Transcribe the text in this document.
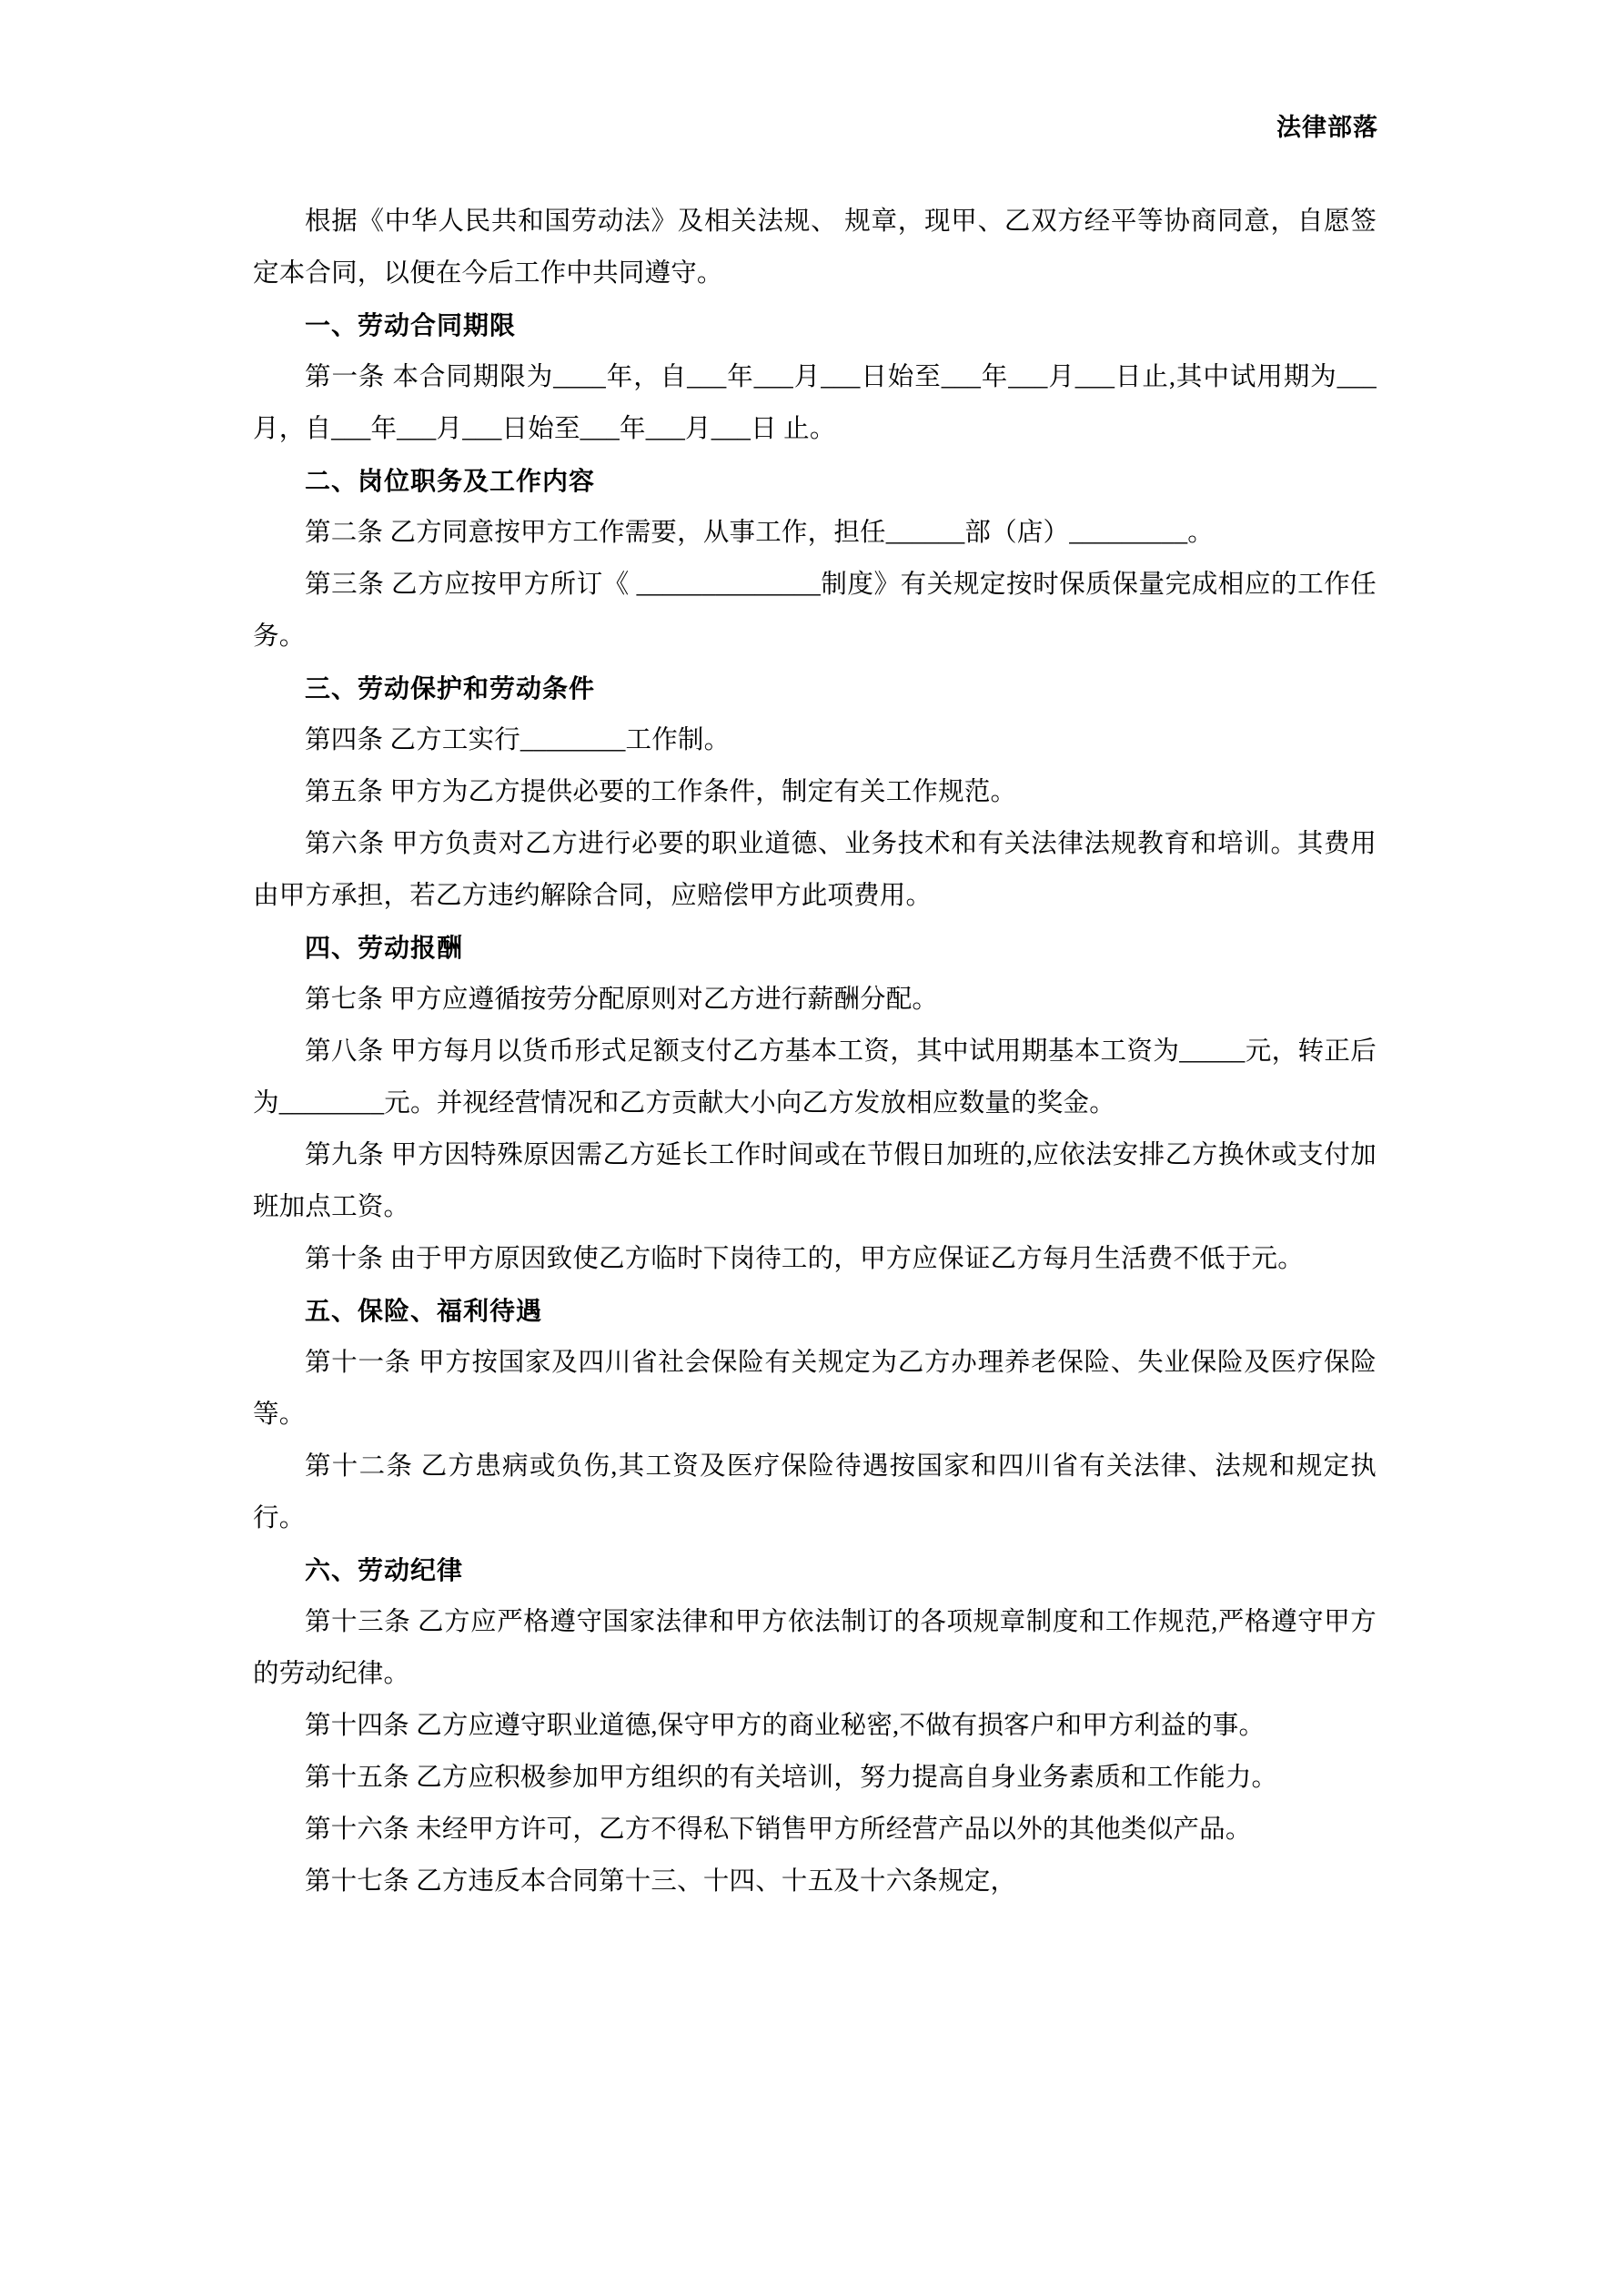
法律部落

根据《中华人民共和国劳动法》及相关法规、 规章，现甲、乙双方经平等协商同意，自愿签定本合同，以便在今后工作中共同遵守。

一、劳动合同期限

第一条 本合同期限为____年，自___年___月___日始至___年___月___日止,其中试用期为___月，自___年___月___日始至___年___月___日 止。

二、岗位职务及工作内容

第二条 乙方同意按甲方工作需要，从事工作，担任______部（店）_________。

第三条 乙方应按甲方所订《 ______________制度》有关规定按时保质保量完成相应的工作任务。

三、劳动保护和劳动条件

第四条 乙方工实行________工作制。

第五条 甲方为乙方提供必要的工作条件，制定有关工作规范。

第六条 甲方负责对乙方进行必要的职业道德、业务技术和有关法律法规教育和培训。其费用由甲方承担，若乙方违约解除合同，应赔偿甲方此项费用。

四、劳动报酬

第七条 甲方应遵循按劳分配原则对乙方进行薪酬分配。

第八条 甲方每月以货币形式足额支付乙方基本工资，其中试用期基本工资为_____元，转正后为________元。并视经营情况和乙方贡献大小向乙方发放相应数量的奖金。

第九条 甲方因特殊原因需乙方延长工作时间或在节假日加班的,应依法安排乙方换休或支付加班加点工资。

第十条 由于甲方原因致使乙方临时下岗待工的，甲方应保证乙方每月生活费不低于元。

五、保险、福利待遇

第十一条 甲方按国家及四川省社会保险有关规定为乙方办理养老保险、失业保险及医疗保险等。

第十二条 乙方患病或负伤,其工资及医疗保险待遇按国家和四川省有关法律、法规和规定执行。

六、劳动纪律

第十三条 乙方应严格遵守国家法律和甲方依法制订的各项规章制度和工作规范,严格遵守甲方的劳动纪律。

第十四条 乙方应遵守职业道德,保守甲方的商业秘密,不做有损客户和甲方利益的事。

第十五条 乙方应积极参加甲方组织的有关培训，努力提高自身业务素质和工作能力。

第十六条 未经甲方许可，乙方不得私下销售甲方所经营产品以外的其他类似产品。

第十七条 乙方违反本合同第十三、十四、十五及十六条规定，
